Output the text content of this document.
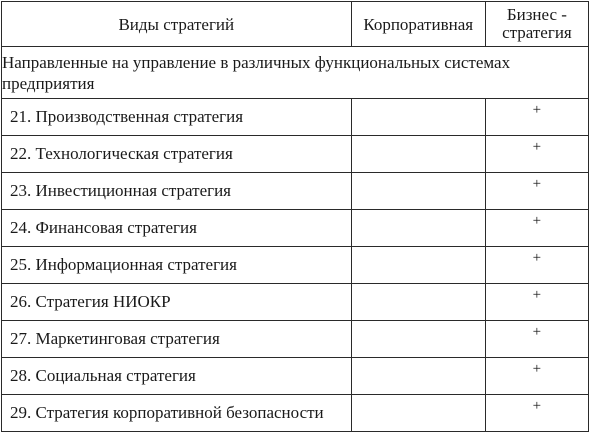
Виды стратегий	Корпоративная	Бизнес - стратегия
Направленные на управление в различных функциональных системах предприятия		
21. Производственная стратегия		+
22. Технологическая стратегия		+
23. Инвестиционная стратегия		+
24. Финансовая стратегия		+
25. Информационная стратегия		+
26. Стратегия НИОКР		+
27. Маркетинговая стратегия		+
28. Социальная стратегия		+
29. Стратегия корпоративной безопасности		+
